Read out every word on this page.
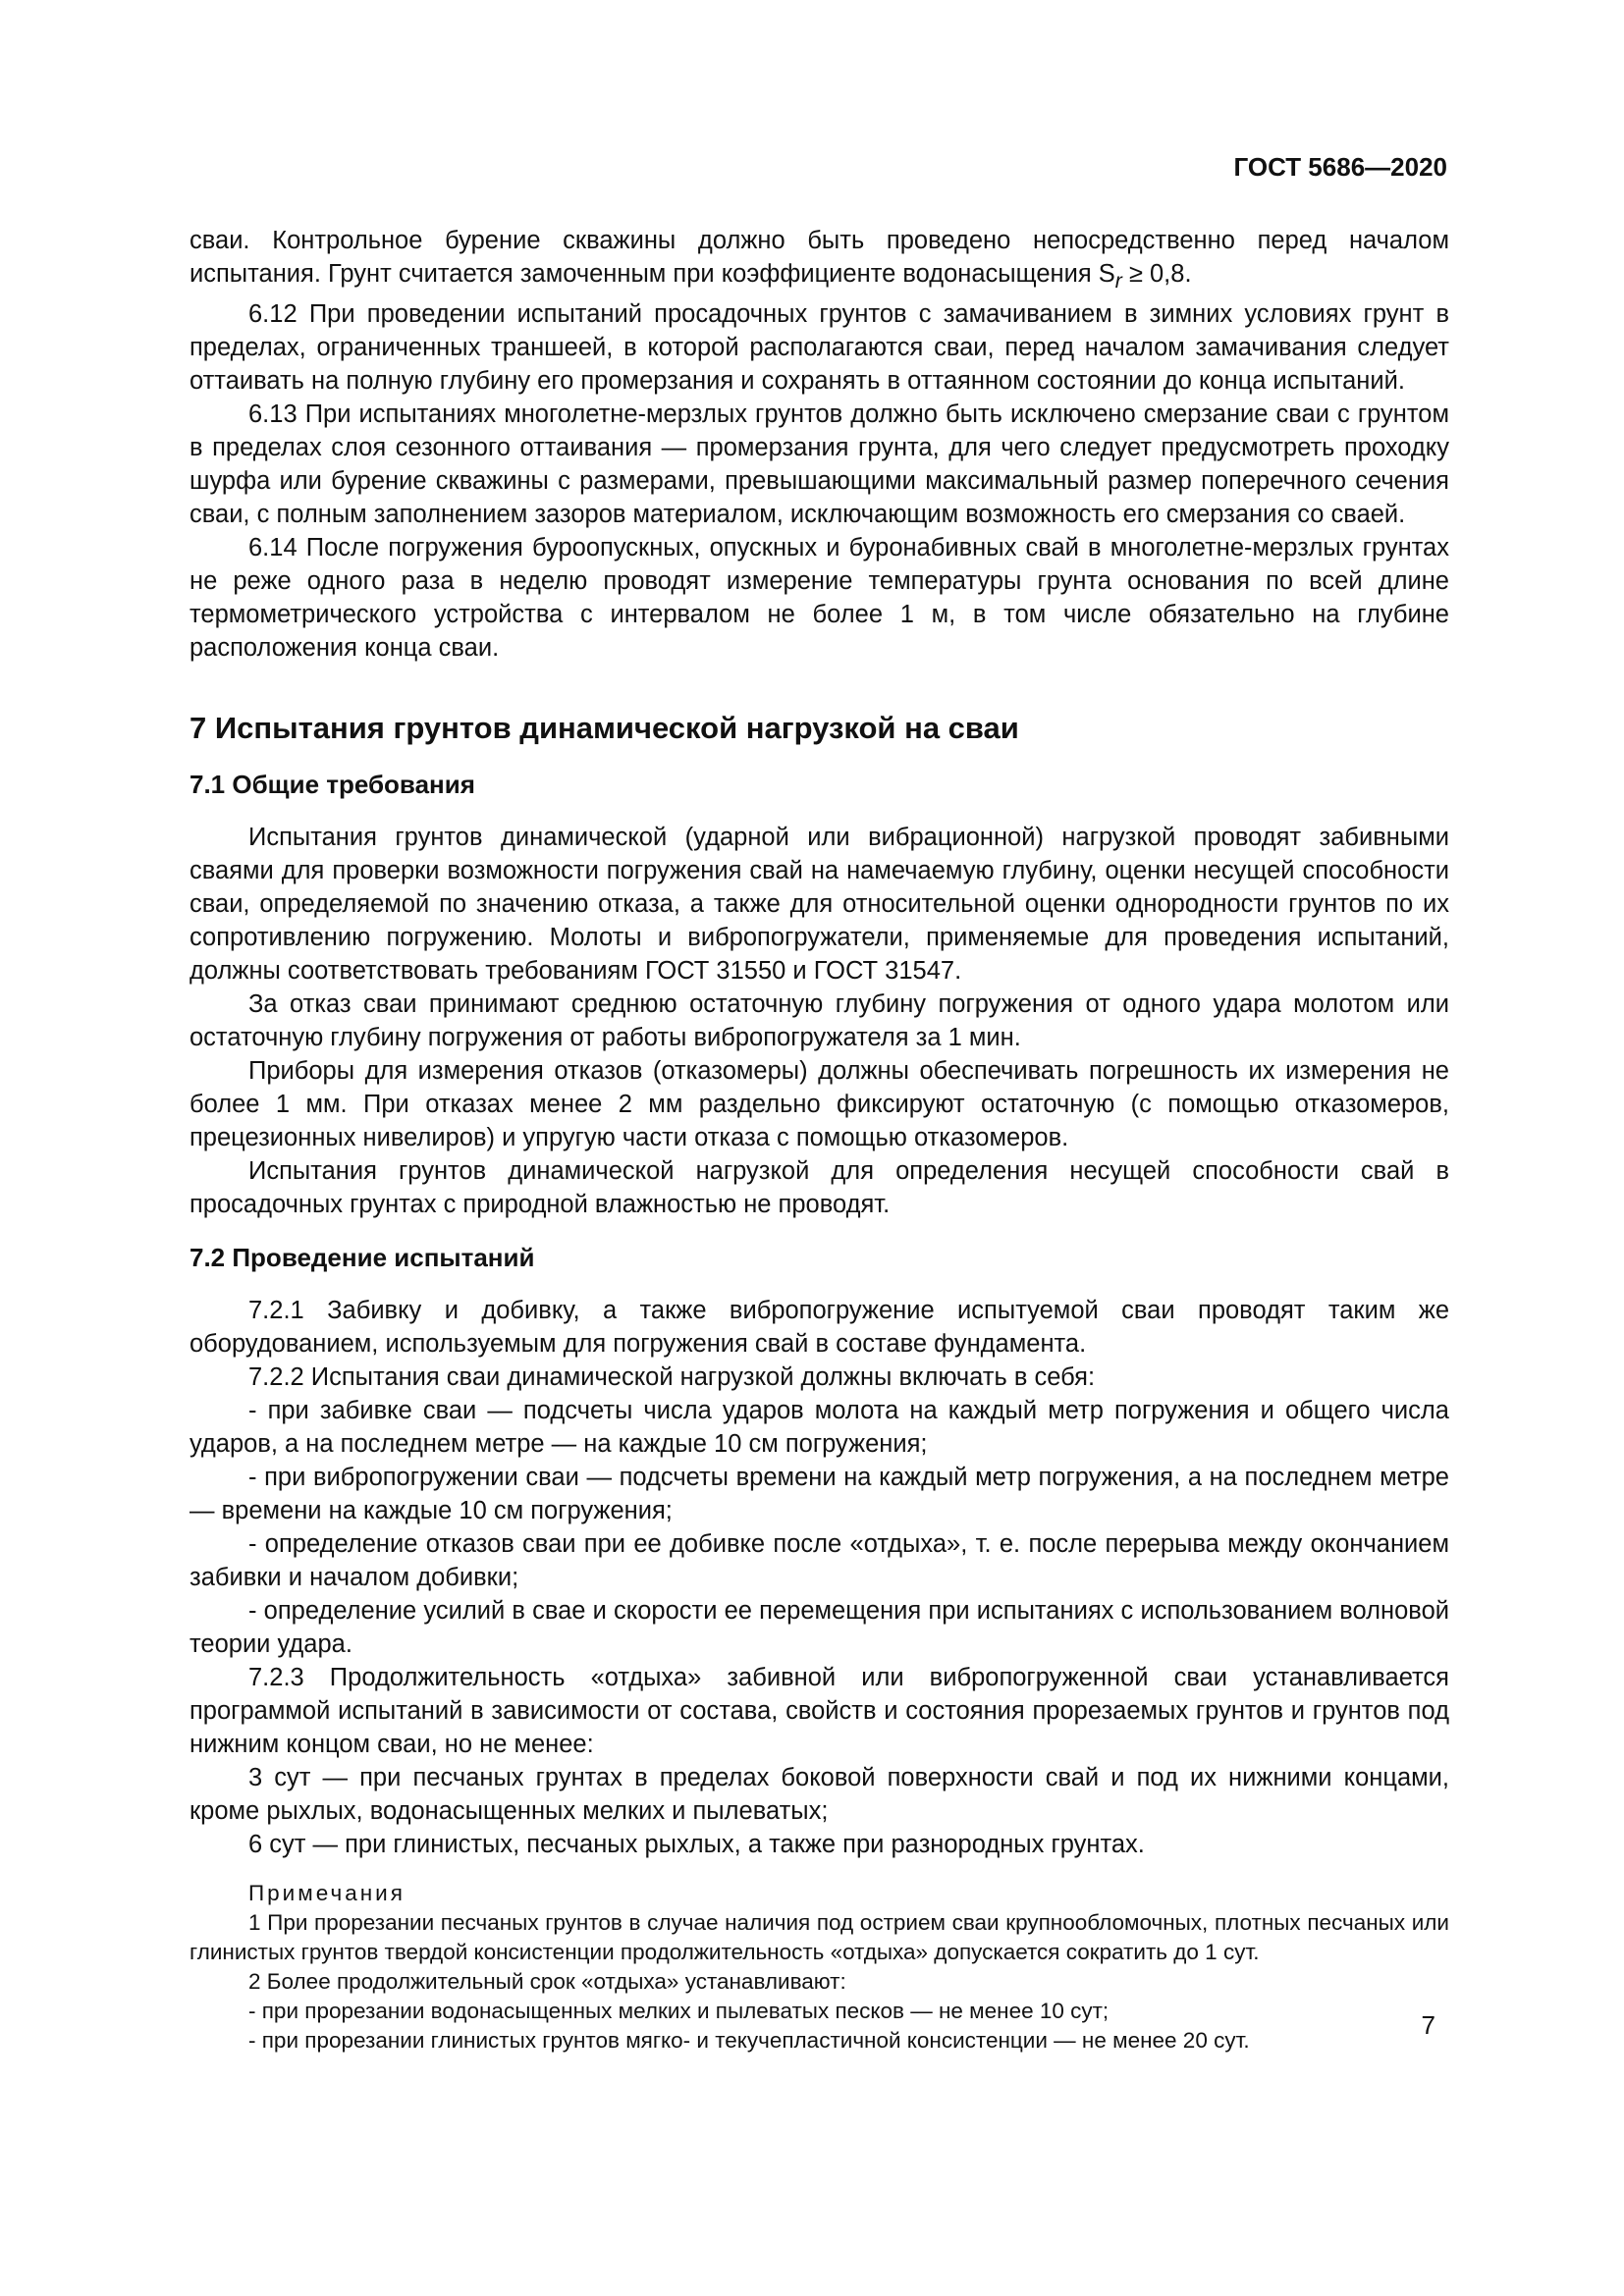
ГОСТ 5686—2020

сваи. Контрольное бурение скважины должно быть проведено непосредственно перед началом испытания. Грунт считается замоченным при коэффициенте водонасыщения $S_r \ge 0,8$.

6.12 При проведении испытаний просадочных грунтов с замачиванием в зимних условиях грунт в пределах, ограниченных траншеей, в которой располагаются сваи, перед началом замачивания следует оттаивать на полную глубину его промерзания и сохранять в оттаянном состоянии до конца испытаний.

6.13 При испытаниях многолетне-мерзлых грунтов должно быть исключено смерзание сваи с грунтом в пределах слоя сезонного оттаивания — промерзания грунта, для чего следует предусмотреть проходку шурфа или бурение скважины с размерами, превышающими максимальный размер поперечного сечения сваи, с полным заполнением зазоров материалом, исключающим возможность его смерзания со сваей.

6.14 После погружения буроопускных, опускных и буронабивных свай в многолетне-мерзлых грунтах не реже одного раза в неделю проводят измерение температуры грунта основания по всей длине термометрического устройства с интервалом не более 1 м, в том числе обязательно на глубине расположения конца сваи.

7 Испытания грунтов динамической нагрузкой на сваи
7.1 Общие требования

Испытания грунтов динамической (ударной или вибрационной) нагрузкой проводят забивными сваями для проверки возможности погружения свай на намечаемую глубину, оценки несущей способности сваи, определяемой по значению отказа, а также для относительной оценки однородности грунтов по их сопротивлению погружению. Молоты и вибропогружатели, применяемые для проведения испытаний, должны соответствовать требованиям ГОСТ 31550 и ГОСТ 31547.

За отказ сваи принимают среднюю остаточную глубину погружения от одного удара молотом или остаточную глубину погружения от работы вибропогружателя за 1 мин.

Приборы для измерения отказов (отказомеры) должны обеспечивать погрешность их измерения не более 1 мм. При отказах менее 2 мм раздельно фиксируют остаточную (с помощью отказомеров, прецезионных нивелиров) и упругую части отказа с помощью отказомеров.

Испытания грунтов динамической нагрузкой для определения несущей способности свай в просадочных грунтах с природной влажностью не проводят.

7.2 Проведение испытаний

7.2.1 Забивку и добивку, а также вибропогружение испытуемой сваи проводят таким же оборудованием, используемым для погружения свай в составе фундамента.

7.2.2 Испытания сваи динамической нагрузкой должны включать в себя:

- при забивке сваи — подсчеты числа ударов молота на каждый метр погружения и общего числа ударов, а на последнем метре — на каждые 10 см погружения;

- при вибропогружении сваи — подсчеты времени на каждый метр погружения, а на последнем метре — времени на каждые 10 см погружения;

- определение отказов сваи при ее добивке после «отдыха», т. е. после перерыва между окончанием забивки и началом добивки;

- определение усилий в свае и скорости ее перемещения при испытаниях с использованием волновой теории удара.

7.2.3 Продолжительность «отдыха» забивной или вибропогруженной сваи устанавливается программой испытаний в зависимости от состава, свойств и состояния прорезаемых грунтов и грунтов под нижним концом сваи, но не менее:

3 сут — при песчаных грунтах в пределах боковой поверхности свай и под их нижними концами, кроме рыхлых, водонасыщенных мелких и пылеватых;

6 сут — при глинистых, песчаных рыхлых, а также при разнородных грунтах.

Примечания

1 При прорезании песчаных грунтов в случае наличия под острием сваи крупнообломочных, плотных песчаных или глинистых грунтов твердой консистенции продолжительность «отдыха» допускается сократить до 1 сут.

2 Более продолжительный срок «отдыха» устанавливают:

- при прорезании водонасыщенных мелких и пылеватых песков — не менее 10 сут;

- при прорезании глинистых грунтов мягко- и текучепластичной консистенции — не менее 20 сут.

7
